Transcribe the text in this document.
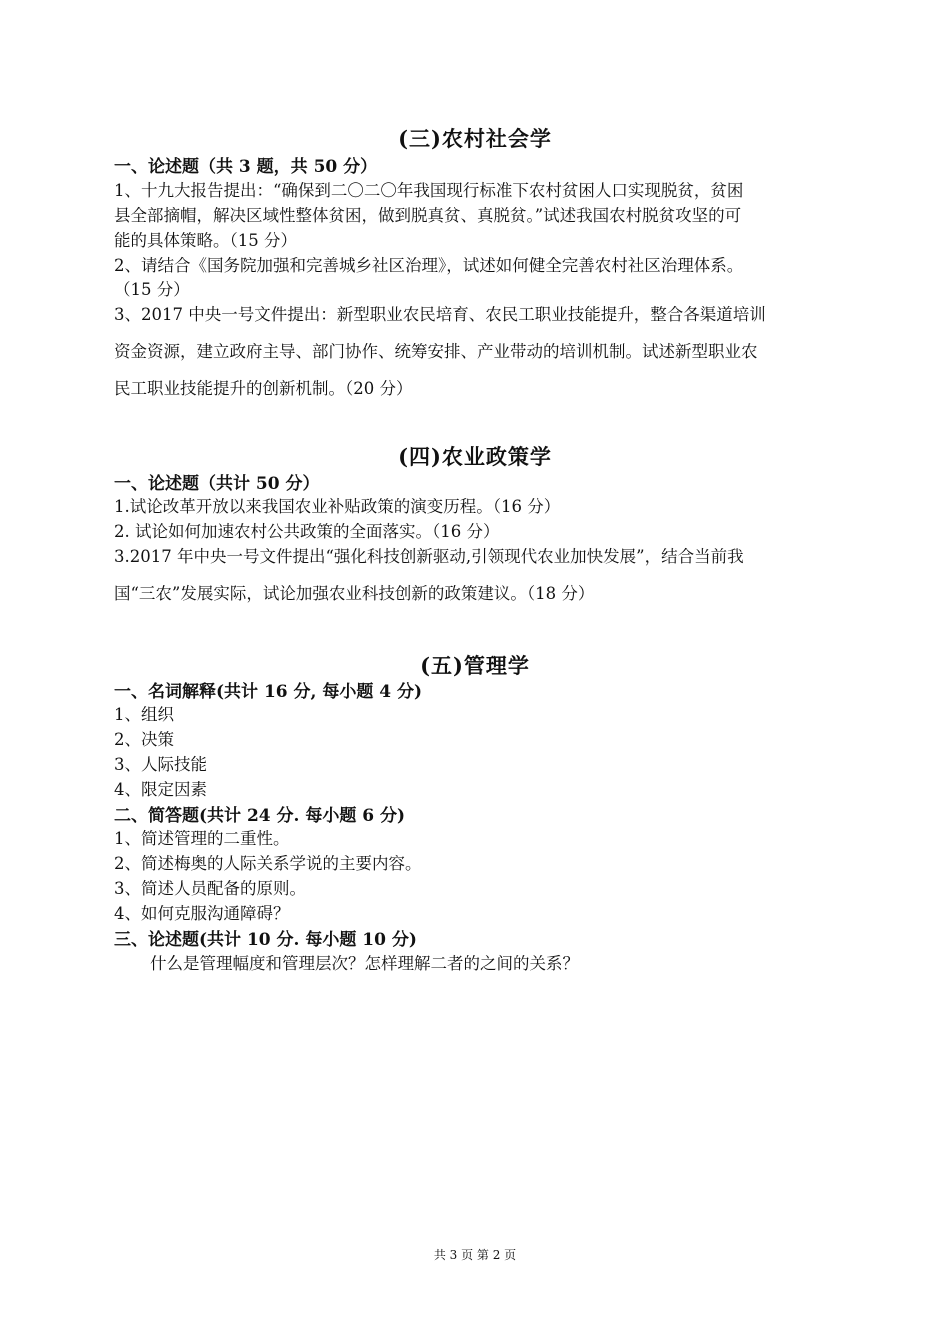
(三)农村社会学
一、论述题（共 3 题，共 50 分）
1、十九大报告提出：“确保到二〇二〇年我国现行标准下农村贫困人口实现脱贫，贫困
县全部摘帽，解决区域性整体贫困，做到脱真贫、真脱贫。”试述我国农村脱贫攻坚的可
能的具体策略。（15 分）
2、请结合《国务院加强和完善城乡社区治理》，试述如何健全完善农村社区治理体系。
（15 分）
3、2017 中央一号文件提出：新型职业农民培育、农民工职业技能提升，整合各渠道培训
资金资源，建立政府主导、部门协作、统筹安排、产业带动的培训机制。试述新型职业农
民工职业技能提升的创新机制。（20 分）
(四)农业政策学
一、论述题（共计 50 分）
1.试论改革开放以来我国农业补贴政策的演变历程。（16 分）
2. 试论如何加速农村公共政策的全面落实。（16 分）
3.2017 年中央一号文件提出“强化科技创新驱动,引领现代农业加快发展”，结合当前我
国“三农”发展实际，试论加强农业科技创新的政策建议。（18 分）
(五)管理学
一、名词解释(共计 16 分, 每小题 4 分)
1、组织
2、决策
3、人际技能
4、限定因素
二、简答题(共计 24 分. 每小题 6 分)
1、简述管理的二重性。
2、简述梅奥的人际关系学说的主要内容。
3、简述人员配备的原则。
4、如何克服沟通障碍？
三、论述题(共计 10 分. 每小题 10 分)
什么是管理幅度和管理层次？怎样理解二者的之间的关系？
共 3 页 第 2 页
